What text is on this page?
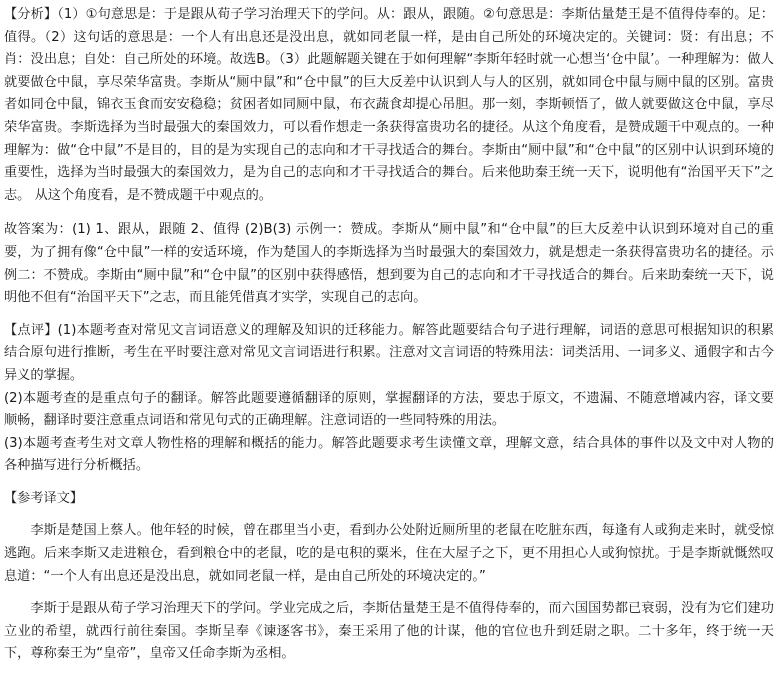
【分析】（1）①句意思是：于是跟从荀子学习治理天下的学问。从：跟从，跟随。②句意思是：李斯估量楚王是不值得侍奉的。足：值得。（2）这句话的意思是：一个人有出息还是没出息，就如同老鼠一样，是由自己所处的环境决定的。关键词：贤：有出息；不肖：没出息；自处：自己所处的环境。故选B。（3）此题解题关键在于如何理解“李斯年轻时就一心想当‘仓中鼠’。一种理解为：做人就要做仓中鼠，享尽荣华富贵。李斯从“厕中鼠”和“仓中鼠”的巨大反差中认识到人与人的区别，就如同仓中鼠与厕中鼠的区别。富贵者如同仓中鼠，锦衣玉食而安安稳稳；贫困者如同厕中鼠，布衣蔬食却提心吊胆。那一刻，李斯顿悟了，做人就要做这仓中鼠，享尽荣华富贵。李斯选择为当时最强大的秦国效力，可以看作想走一条获得富贵功名的捷径。从这个角度看，是赞成题干中观点的。一种理解为：做“仓中鼠”不是目的，目的是为实现自己的志向和才干寻找适合的舞台。李斯由“厕中鼠”和“仓中鼠”的区别中认识到环境的重要性，选择为当时最强大的秦国效力，是为自己的志向和才干寻找适合的舞台。后来他助秦王统一天下，说明他有“治国平天下”之志。 从这个角度看，是不赞成题干中观点的。

故答案为：(1) 1、跟从，跟随 2、值得 (2)B(3) 示例一：赞成。李斯从“厕中鼠”和“仓中鼠”的巨大反差中认识到环境对自己的重要，为了拥有像“仓中鼠”一样的安适环境，作为楚国人的李斯选择为当时最强大的秦国效力，就是想走一条获得富贵功名的捷径。示例二：不赞成。李斯由“厕中鼠”和“仓中鼠”的区别中获得感悟，想到要为自己的志向和才干寻找适合的舞台。后来助秦统一天下，说明他不但有“治国平天下”之志，而且能凭借真才实学，实现自己的志向。

【点评】(1)本题考查对常见文言词语意义的理解及知识的迁移能力。解答此题要结合句子进行理解，词语的意思可根据知识的积累结合原句进行推断，考生在平时要注意对常见文言词语进行积累。注意对文言词语的特殊用法：词类活用、一词多义、通假字和古今异义的掌握。

(2)本题考查的是重点句子的翻译。解答此题要遵循翻译的原则，掌握翻译的方法，要忠于原文，不遗漏、不随意增减内容，译文要顺畅，翻译时要注意重点词语和常见句式的正确理解。注意词语的一些同特殊的用法。

(3)本题考查考生对文章人物性格的理解和概括的能力。解答此题要求考生读懂文章，理解文意，结合具体的事件以及文中对人物的各种描写进行分析概括。

【参考译文】

李斯是楚国上蔡人。他年轻的时候，曾在郡里当小吏，看到办公处附近厕所里的老鼠在吃脏东西，每逢有人或狗走来时，就受惊逃跑。后来李斯又走进粮仓，看到粮仓中的老鼠，吃的是屯积的粟米，住在大屋子之下，更不用担心人或狗惊扰。于是李斯就慨然叹息道：“一个人有出息还是没出息，就如同老鼠一样，是由自己所处的环境决定的。”

李斯于是跟从荀子学习治理天下的学问。学业完成之后，李斯估量楚王是不值得侍奉的，而六国国势都已衰弱，没有为它们建功立业的希望，就西行前往秦国。李斯呈奉《谏逐客书》，秦王采用了他的计谋，他的官位也升到廷尉之职。二十多年，终于统一天下，尊称秦王为“皇帝”，皇帝又任命李斯为丞相。
